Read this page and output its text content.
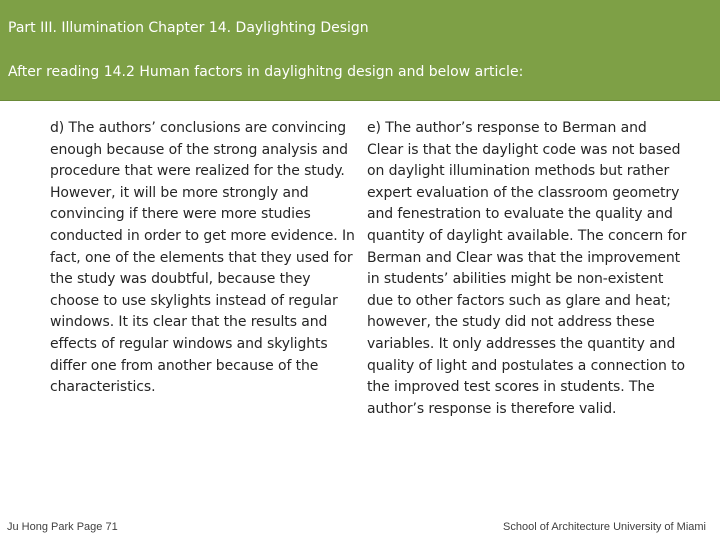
Part III. Illumination Chapter 14. Daylighting Design
After reading 14.2 Human factors in daylighitng design and below article:
d) The authors’ conclusions are convincing enough because of the strong analysis and procedure that were realized for the study. However, it will be more strongly and convincing if there were more studies conducted in order to get more evidence. In fact, one of the elements that they used for the study was doubtful, because they choose to use skylights instead of regular windows. It its clear that the results and effects of regular windows and skylights differ one from another because of the characteristics.
e) The author’s response to Berman and Clear is that the daylight code was not based on daylight illumination methods but rather expert evaluation of the classroom geometry and fenestration to evaluate the quality and quantity of daylight available. The concern for Berman and Clear was that the improvement in students’ abilities might be non-existent due to other factors such as glare and heat; however, the study did not address these variables. It only addresses the quantity and quality of light and postulates a connection to the improved test scores in students. The author’s response is therefore valid.
Ju Hong Park Page 71	School of Architecture University of Miami
